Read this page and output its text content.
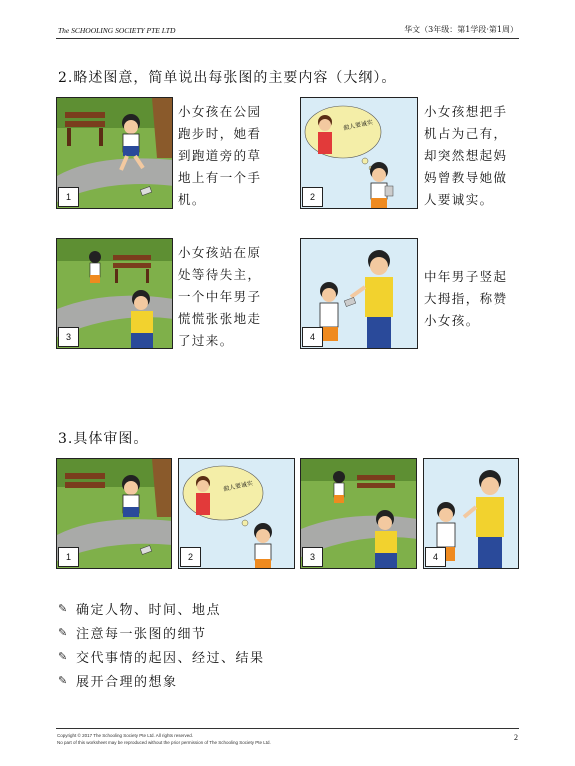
The SCHOOLING SOCIETY PTE LTD	华文（3年级：第1学段·第1周）
2.略述图意，简单说出每张图的主要内容（大纲）。
1
小女孩在公园跑步时，她看到跑道旁的草地上有一个手机。
做人要诚实
2
小女孩想把手机占为己有，却突然想起妈妈曾教导她做人要诚实。
3
小女孩站在原处等待失主，一个中年男子慌慌张张地走了过来。	4
中年男子竖起大拇指，称赞小女孩。
3.具体审图。
1
做人要诚实
2	3	4
✎ 确定人物、时间、地点
✎ 注意每一张图的细节
✎ 交代事情的起因、经过、结果
✎ 展开合理的想象
Copyright © 2017 The Schooling Society Pte Ltd. All rights reserved.
No part of this worksheet may be reproduced without the prior permission of The Schooling Society Pte Ltd.
2
